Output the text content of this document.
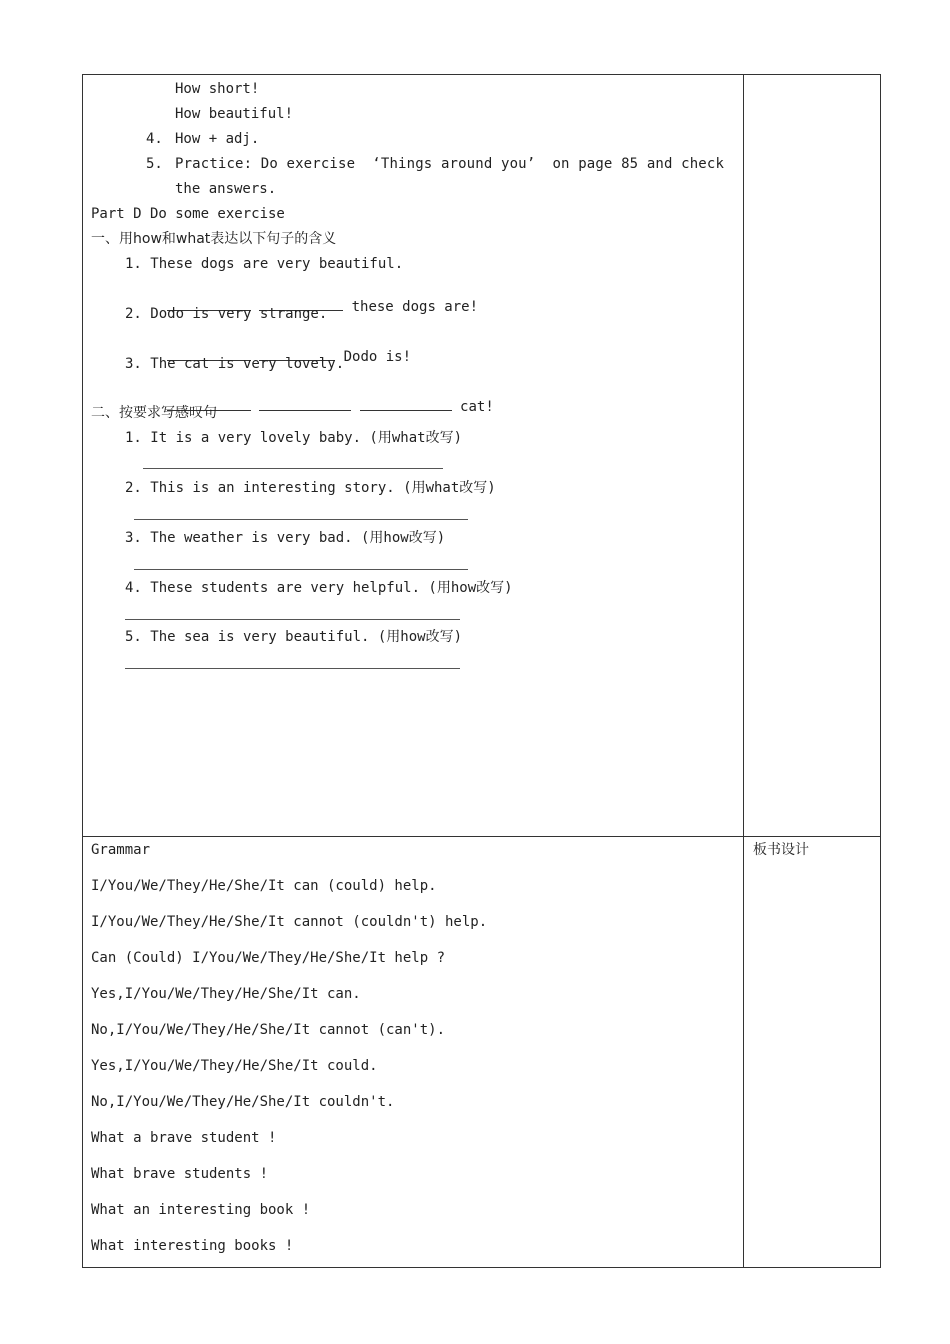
How short!
How beautiful!
4. How + adj.
5. Practice: Do exercise  ‘Things around you’  on page 85 and check
the answers.
Part D Do some exercise
一、用how和what表达以下句子的含义
1. These dogs are very beautiful.

these dogs are!

2. Dodo is very strange.

Dodo is!

3. The cat is very lovely.

cat!

二、按要求写感叹句
1. It is a very lovely baby. (用what改写)
2. This is an interesting story. (用what改写)
3. The weather is very bad. (用how改写)
4. These students are very helpful. (用how改写)
5. The sea is very beautiful. (用how改写)
Grammar
I/You/We/They/He/She/It can (could) help.
I/You/We/They/He/She/It cannot (couldn't) help.
Can (Could) I/You/We/They/He/She/It help ?
Yes,I/You/We/They/He/She/It can.
No,I/You/We/They/He/She/It cannot (can't).
Yes,I/You/We/They/He/She/It could.
No,I/You/We/They/He/She/It couldn't.
What a brave student !
What brave students !
What an interesting book !
What interesting books !
板书设计
